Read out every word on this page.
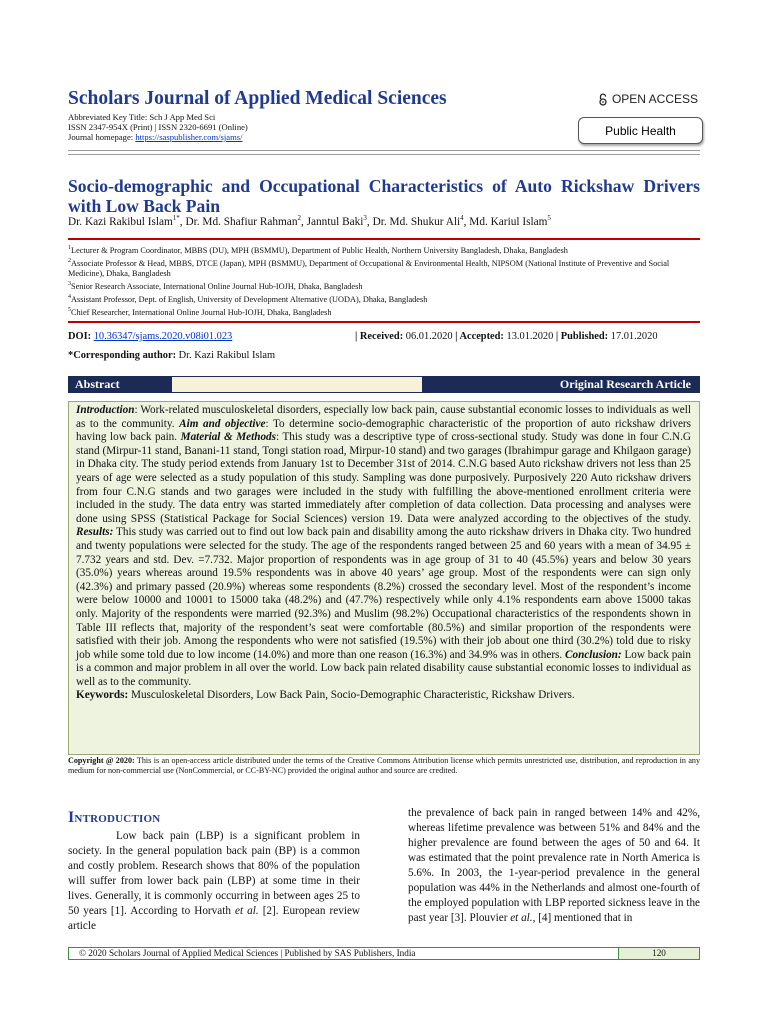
Scholars Journal of Applied Medical Sciences
Abbreviated Key Title: Sch J App Med Sci
ISSN 2347-954X (Print) | ISSN 2320-6691 (Online)
Journal homepage: https://saspublisher.com/sjams/
OPEN ACCESS
Public Health
Socio-demographic and Occupational Characteristics of Auto Rickshaw Drivers with Low Back Pain
Dr. Kazi Rakibul Islam$^{1*}$, Dr. Md. Shafiur Rahman$^2$, Janntul Baki$^3$, Dr. Md. Shukur Ali$^4$, Md. Kariul Islam$^5$
$^1$Lecturer & Program Coordinator, MBBS (DU), MPH (BSMMU), Department of Public Health, Northern University Bangladesh, Dhaka, Bangladesh
$^2$Associate Professor & Head, MBBS, DTCE (Japan), MPH (BSMMU), Department of Occupational & Environmental Health, NIPSOM (National Institute of Preventive and Social Medicine), Dhaka, Bangladesh
$^3$Senior Research Associate, International Online Journal Hub-IOJH, Dhaka, Bangladesh
$^4$Assistant Professor, Dept. of English, University of Development Alternative (UODA), Dhaka, Bangladesh
$^5$Chief Researcher, International Online Journal Hub-IOJH, Dhaka, Bangladesh
DOI: 10.36347/sjams.2020.v08i01.023	| Received: 06.01.2020 | Accepted: 13.01.2020 | Published: 17.01.2020
*Corresponding author: Dr. Kazi Rakibul Islam
Abstract	Original Research Article
Introduction: Work-related musculoskeletal disorders, especially low back pain, cause substantial economic losses to individuals as well as to the community. Aim and objective: To determine socio-demographic characteristic of the proportion of auto rickshaw drivers having low back pain. Material & Methods: This study was a descriptive type of cross-sectional study. Study was done in four C.N.G stand (Mirpur-11 stand, Banani-11 stand, Tongi station road, Mirpur-10 stand) and two garages (Ibrahimpur garage and Khilgaon garage) in Dhaka city. The study period extends from January 1st to December 31st of 2014. C.N.G based Auto rickshaw drivers not less than 25 years of age were selected as a study population of this study. Sampling was done purposively. Purposively 220 Auto rickshaw drivers from four C.N.G stands and two garages were included in the study with fulfilling the above-mentioned enrollment criteria were included in the study. The data entry was started immediately after completion of data collection. Data processing and analyses were done using SPSS (Statistical Package for Social Sciences) version 19. Data were analyzed according to the objectives of the study. Results: This study was carried out to find out low back pain and disability among the auto rickshaw drivers in Dhaka city. Two hundred and twenty populations were selected for the study. The age of the respondents ranged between 25 and 60 years with a mean of 34.95 ± 7.732 years and std. Dev. =7.732. Major proportion of respondents was in age group of 31 to 40 (45.5%) years and below 30 years (35.0%) years whereas around 19.5% respondents was in above 40 years’ age group. Most of the respondents were can sign only (42.3%) and primary passed (20.9%) whereas some respondents (8.2%) crossed the secondary level. Most of the respondent’s income were below 10000 and 10001 to 15000 taka (48.2%) and (47.7%) respectively while only 4.1% respondents earn above 15000 takas only. Majority of the respondents were married (92.3%) and Muslim (98.2%) Occupational characteristics of the respondents shown in Table III reflects that, majority of the respondent’s seat were comfortable (80.5%) and similar proportion of the respondents were satisfied with their job. Among the respondents who were not satisfied (19.5%) with their job about one third (30.2%) told due to risky job while some told due to low income (14.0%) and more than one reason (16.3%) and 34.9% was in others. Conclusion: Low back pain is a common and major problem in all over the world. Low back pain related disability cause substantial economic losses to individual as well as to the community.
Keywords: Musculoskeletal Disorders, Low Back Pain, Socio-Demographic Characteristic, Rickshaw Drivers.
Copyright @ 2020: This is an open-access article distributed under the terms of the Creative Commons Attribution license which permits unrestricted use, distribution, and reproduction in any medium for non-commercial use (NonCommercial, or CC-BY-NC) provided the original author and source are credited.
Introduction

Low back pain (LBP) is a significant problem in society. In the general population back pain (BP) is a common and costly problem. Research shows that 80% of the population will suffer from lower back pain (LBP) at some time in their lives. Generally, it is commonly occurring in between ages 25 to 50 years [1]. According to Horvath et al. [2]. European review article

the prevalence of back pain in ranged between 14% and 42%, whereas lifetime prevalence was between 51% and 84% and the higher prevalence are found between the ages of 50 and 64. It was estimated that the point prevalence rate in North America is 5.6%. In 2003, the 1-year-period prevalence in the general population was 44% in the Netherlands and almost one-fourth of the employed population with LBP reported sickness leave in the past year [3]. Plouvier et al., [4] mentioned that in

© 2020 Scholars Journal of Applied Medical Sciences | Published by SAS Publishers, India	120
